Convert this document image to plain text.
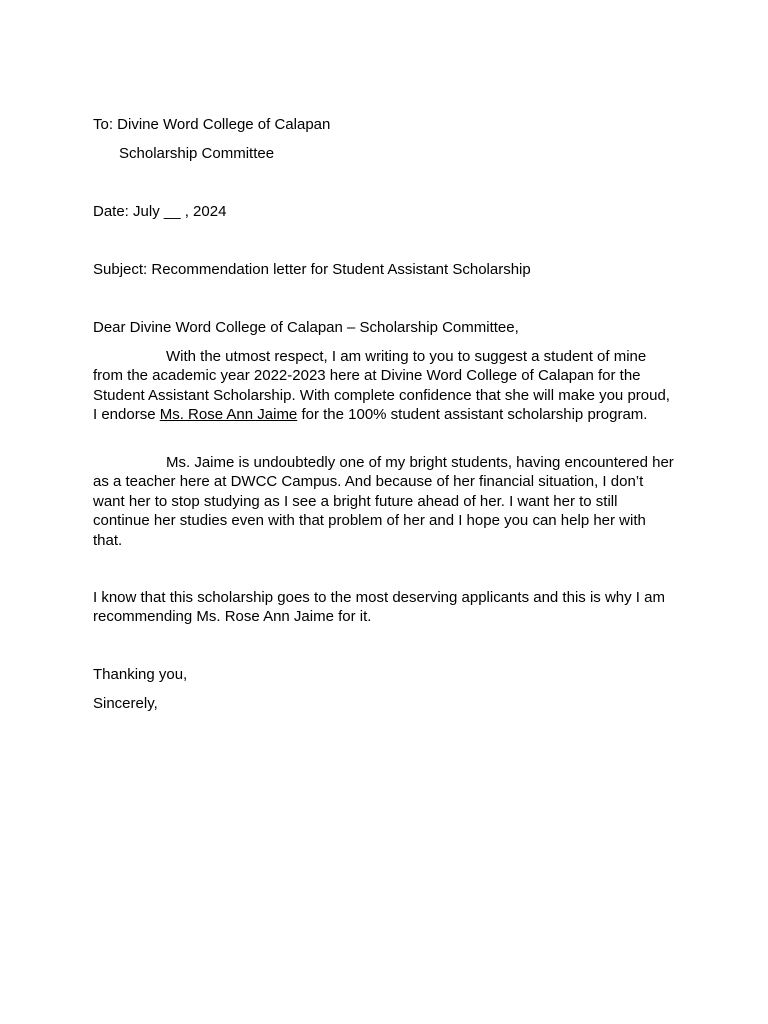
To: Divine Word College of Calapan
Scholarship Committee
Date: July __ , 2024
Subject: Recommendation letter for Student Assistant Scholarship
Dear Divine Word College of Calapan – Scholarship Committee,
With the utmost respect, I am writing to you to suggest a student of mine from the academic year 2022-2023 here at Divine Word College of Calapan for the Student Assistant Scholarship. With complete confidence that she will make you proud, I endorse Ms. Rose Ann Jaime for the 100% student assistant scholarship program.
Ms. Jaime is undoubtedly one of my bright students, having encountered her as a teacher here at DWCC Campus. And because of her financial situation, I don’t want her to stop studying as I see a bright future ahead of her. I want her to still continue her studies even with that problem of her and I hope you can help her with that.
I know that this scholarship goes to the most deserving applicants and this is why I am recommending Ms. Rose Ann Jaime for it.
Thanking you,
Sincerely,
